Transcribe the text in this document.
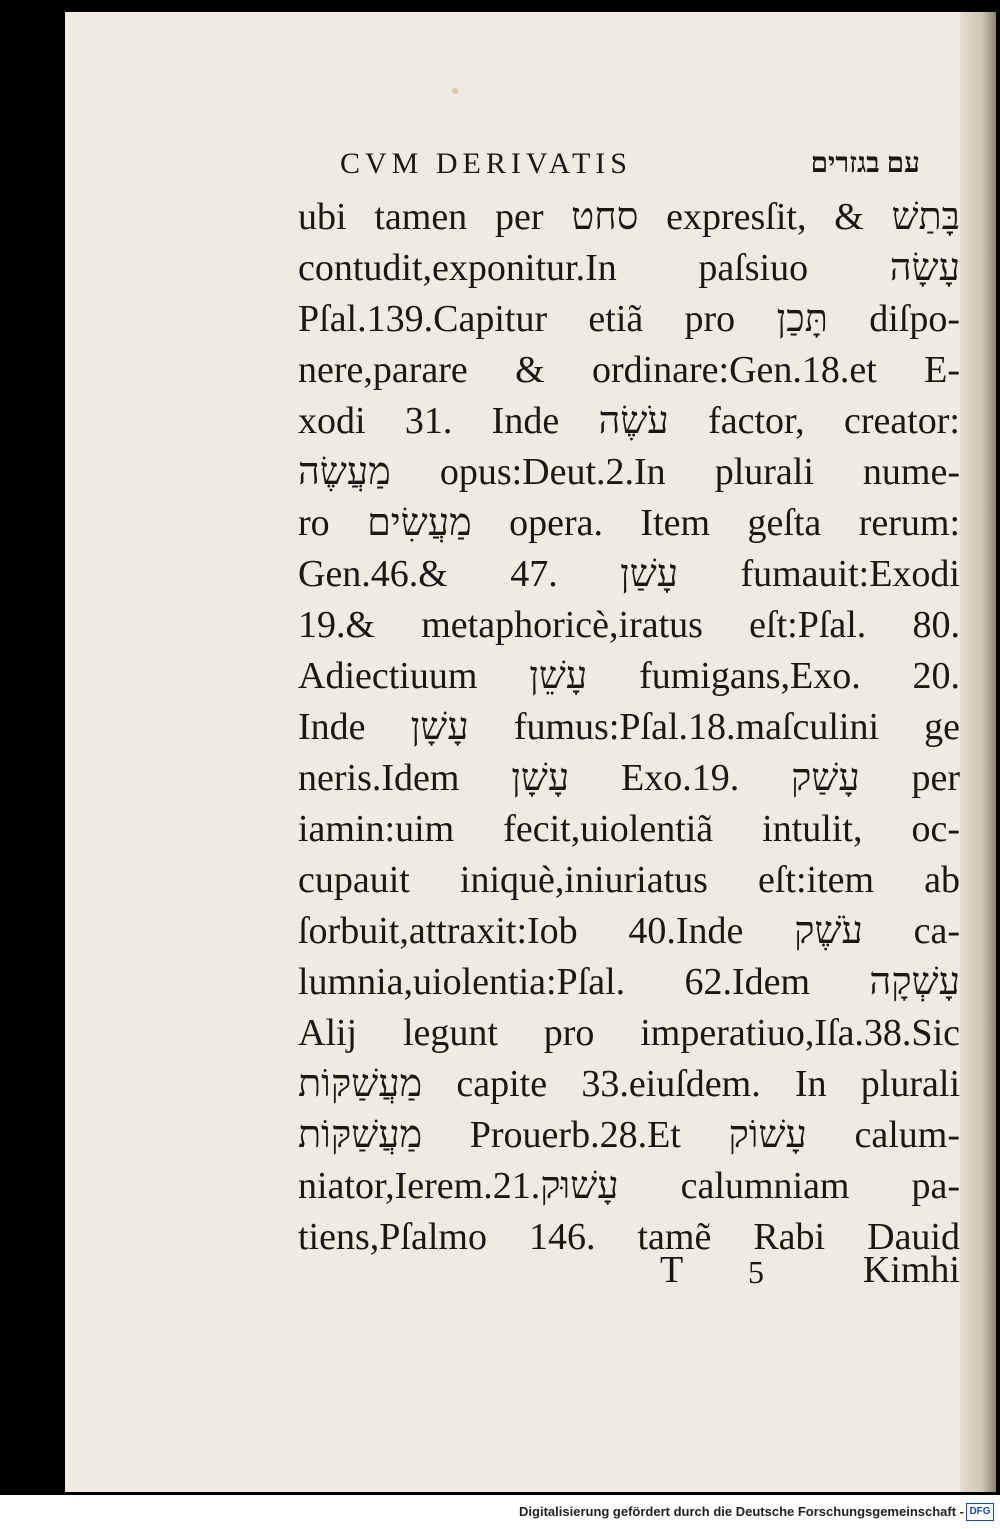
CVM DERIVATIS	עם בגזרים
ubi tamen per סחט expresſit, & בָּתַשׁ
contudit,exponitur.In paſsiuo עָשָׂה
Pſal.139.Capitur etiã pro תָּכַן diſpo-
nere,parare & ordinare:Gen.18.et E-
xodi 31. Inde עֹשֶׂה factor, creator:
מַעֲשֶׂה opus:Deut.2.In plurali nume-
ro מַעֲשִׂים opera. Item geſta rerum:
Gen.46.& 47. עָשַׁן fumauit:Exodi
19.& metaphoricè,iratus eſt:Pſal. 80.
Adiectiuum עָשֵׁן fumigans,Exo. 20.
Inde עָשָׁן fumus:Pſal.18.maſculini ge
neris.Idem עָשָׁן Exo.19. עָשַׁק per
iamin:uim fecit,uiolentiã intulit, oc-
cupauit iniquè,iniuriatus eſt:item ab
ſorbuit,attraxit:Iob 40.Inde עֹשֶׁק ca-
lumnia,uiolentia:Pſal. 62.Idem עָשְׁקָה
Alij legunt pro imperatiuo,Iſa.38.Sic
מַעֲשַׁקּוֹת capite 33.eiuſdem. In plurali
מַעֲשַׁקּוֹת Prouerb.28.Et עָשׁוֹק calum-
niator,Ierem.21.עָשׁוּק calumniam pa-
tiens,Pſalmo 146. tamẽ Rabi Dauid
T 5	Kimhi
Digitalisierung gefördert durch die Deutsche Forschungsgemeinschaft - DFG
